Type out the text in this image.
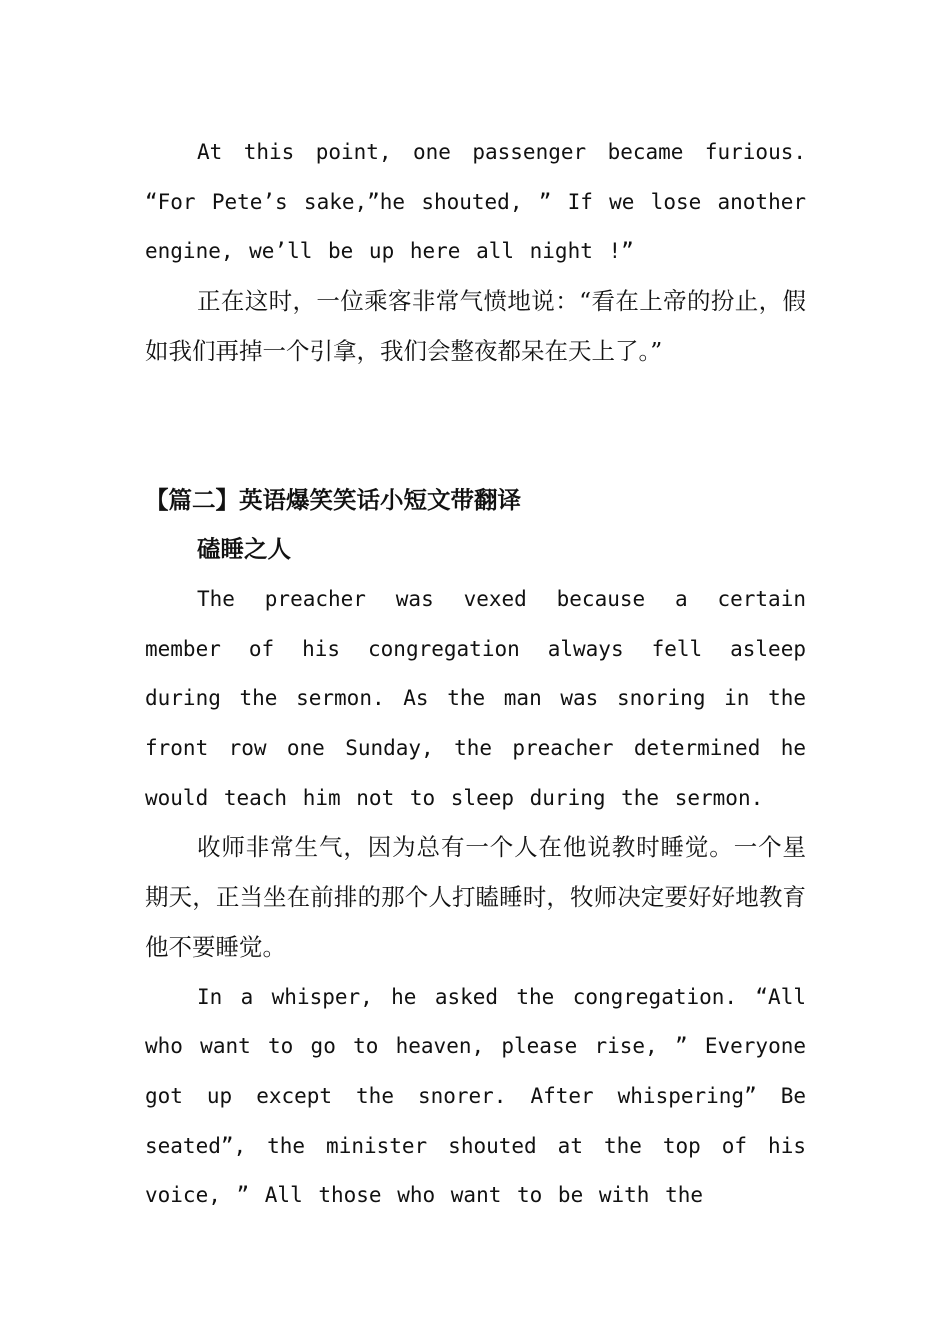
At this point, one passenger became furious. “For Pete’s sake,”he shouted, ” If we lose another engine, we’ll be up here all night !”

正在这时，一位乘客非常气愤地说：“看在上帝的扮止，假如我们再掉一个引拿，我们会整夜都呆在天上了。”

【篇二】英语爆笑笑话小短文带翻译
磕睡之人

The preacher was vexed because a certain member of his congregation always fell asleep during the sermon. As the man was snoring in the front row one Sunday, the preacher determined he would teach him not to sleep during the sermon.

收师非常生气，因为总有一个人在他说教时睡觉。一个星期天，正当坐在前排的那个人打瞌睡时，牧师决定要好好地教育他不要睡觉。

In a whisper, he asked the congregation. “All who want to go to heaven, please rise, ” Everyone got up except the snorer. After whispering” Be seated”, the minister shouted at the top of his voice, ” All those who want to be with the
